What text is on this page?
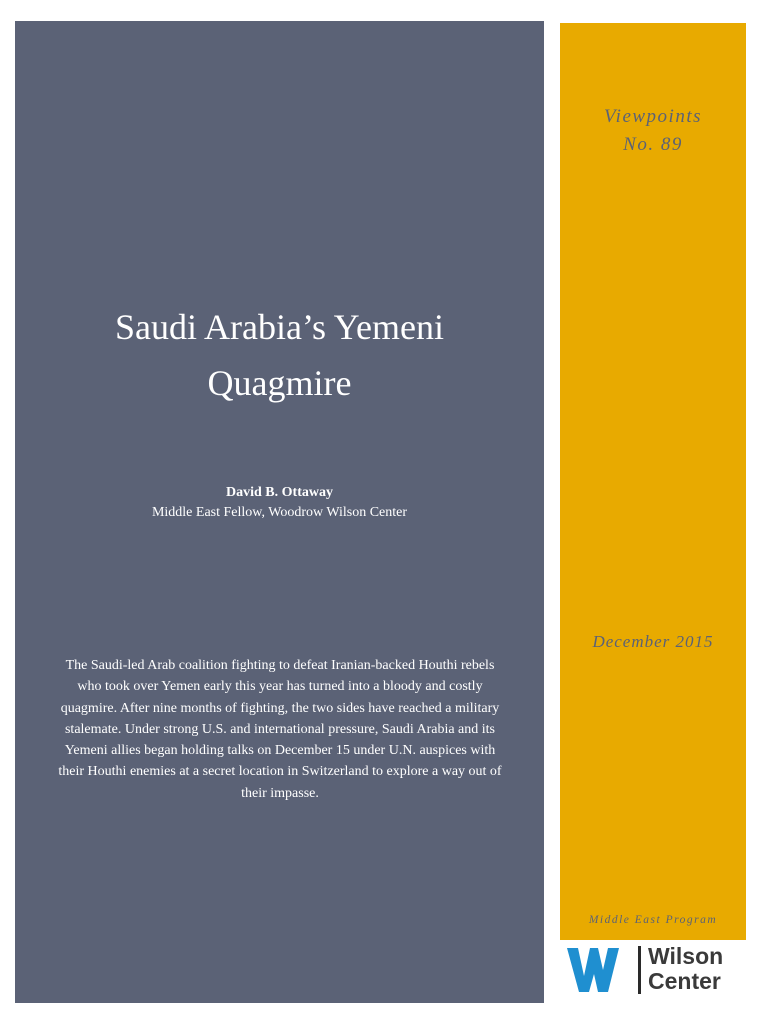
Saudi Arabia’s Yemeni
Quagmire
David B. Ottaway
Middle East Fellow, Woodrow Wilson Center

The Saudi-led Arab coalition fighting to defeat Iranian-backed Houthi rebels who took over Yemen early this year has turned into a bloody and costly quagmire. After nine months of fighting, the two sides have reached a military stalemate. Under strong U.S. and international pressure, Saudi Arabia and its Yemeni allies began holding talks on December 15 under U.N. auspices with their Houthi enemies at a secret location in Switzerland to explore a way out of their impasse.

Viewpoints
No. 89
December 2015
Middle East Program
Wilson
Center
